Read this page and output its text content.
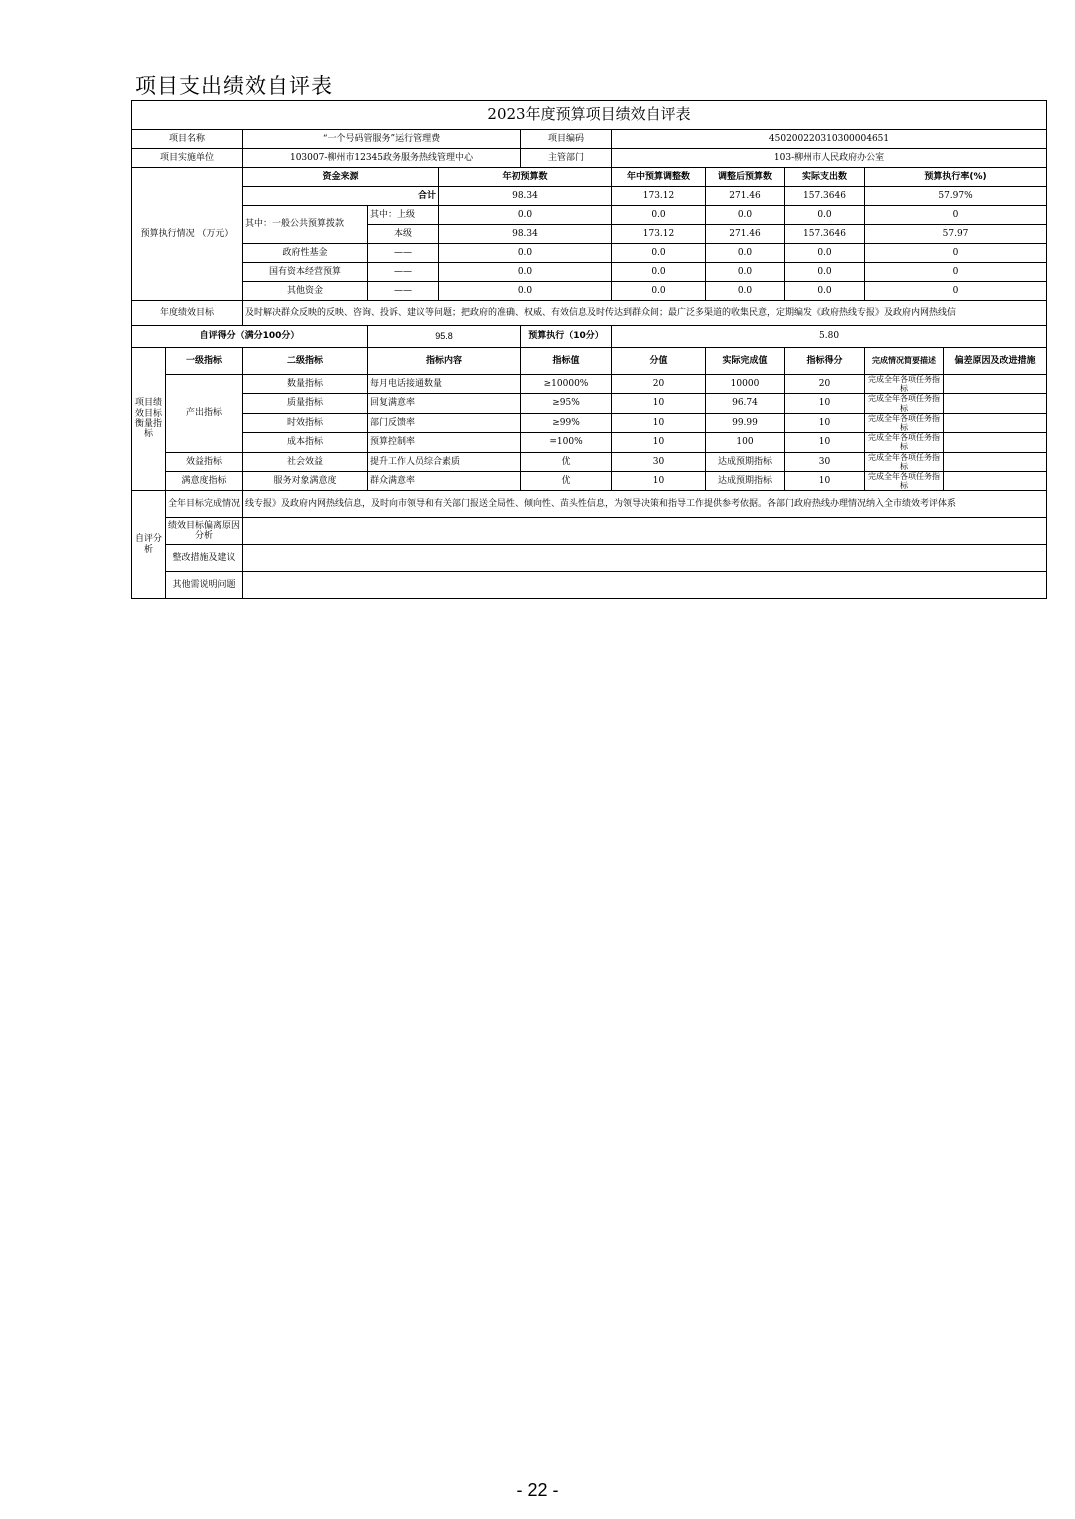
项目支出绩效自评表
2023年度预算项目绩效自评表										
项目名称		“一个号码管服务”运行管理费			项目编码	450200220310300004651				
项目实施单位		103007-柳州市12345政务服务热线管理中心			主管部门	103-柳州市人民政府办公室				
预算执行情况 （万元）		资金来源		年初预算数		年中预算调整数	调整后预算数	实际支出数	预算执行率(%)	
		合计		98.34		173.12	271.46	157.3646	57.97%	
		其中：一般公共预算拨款	其中：上级	0.0		0.0	0.0	0.0	0	
			本级	98.34		173.12	271.46	157.3646	57.97	
		政府性基金	——	0.0		0.0	0.0	0.0	0	
		国有资本经营预算	——	0.0		0.0	0.0	0.0	0	
		其他资金	——	0.0		0.0	0.0	0.0	0	
年度绩效目标		及时解决群众反映的反映、咨询、投诉、建议等问题；把政府的准确、权威、有效信息及时传达到群众间；最广泛多渠道的收集民意，定期编发《政府热线专报》及政府内网热线信								
自评得分（满分100分）			95.8		预算执行（10分）	5.80				
项目绩效目标衡量指标	一级指标	二级指标	指标内容		指标值	分值	实际完成值	指标得分	完成情况简要描述	偏差原因及改进措施
	产出指标	数量指标	每月电话接通数量		≥10000%	20	10000	20	完成全年各项任务指标	
		质量指标	回复满意率		≥95%	10	96.74	10	完成全年各项任务指标	
		时效指标	部门反馈率		≥99%	10	99.99	10	完成全年各项任务指标	
		成本指标	预算控制率		=100%	10	100	10	完成全年各项任务指标	
	效益指标	社会效益	提升工作人员综合素质		优	30	达成预期指标	30	完成全年各项任务指标	
	满意度指标	服务对象满意度	群众满意率		优	10	达成预期指标	10	完成全年各项任务指标	
自评分析	全年目标完成情况	线专报》及政府内网热线信息，及时向市领导和有关部门报送全局性、倾向性、苗头性信息，为领导决策和指导工作提供参考依据。各部门政府热线办理情况纳入全市绩效考评体系								
	绩效目标偏离原因分析									
	整改措施及建议									
	其他需说明问题									
- 22 -
